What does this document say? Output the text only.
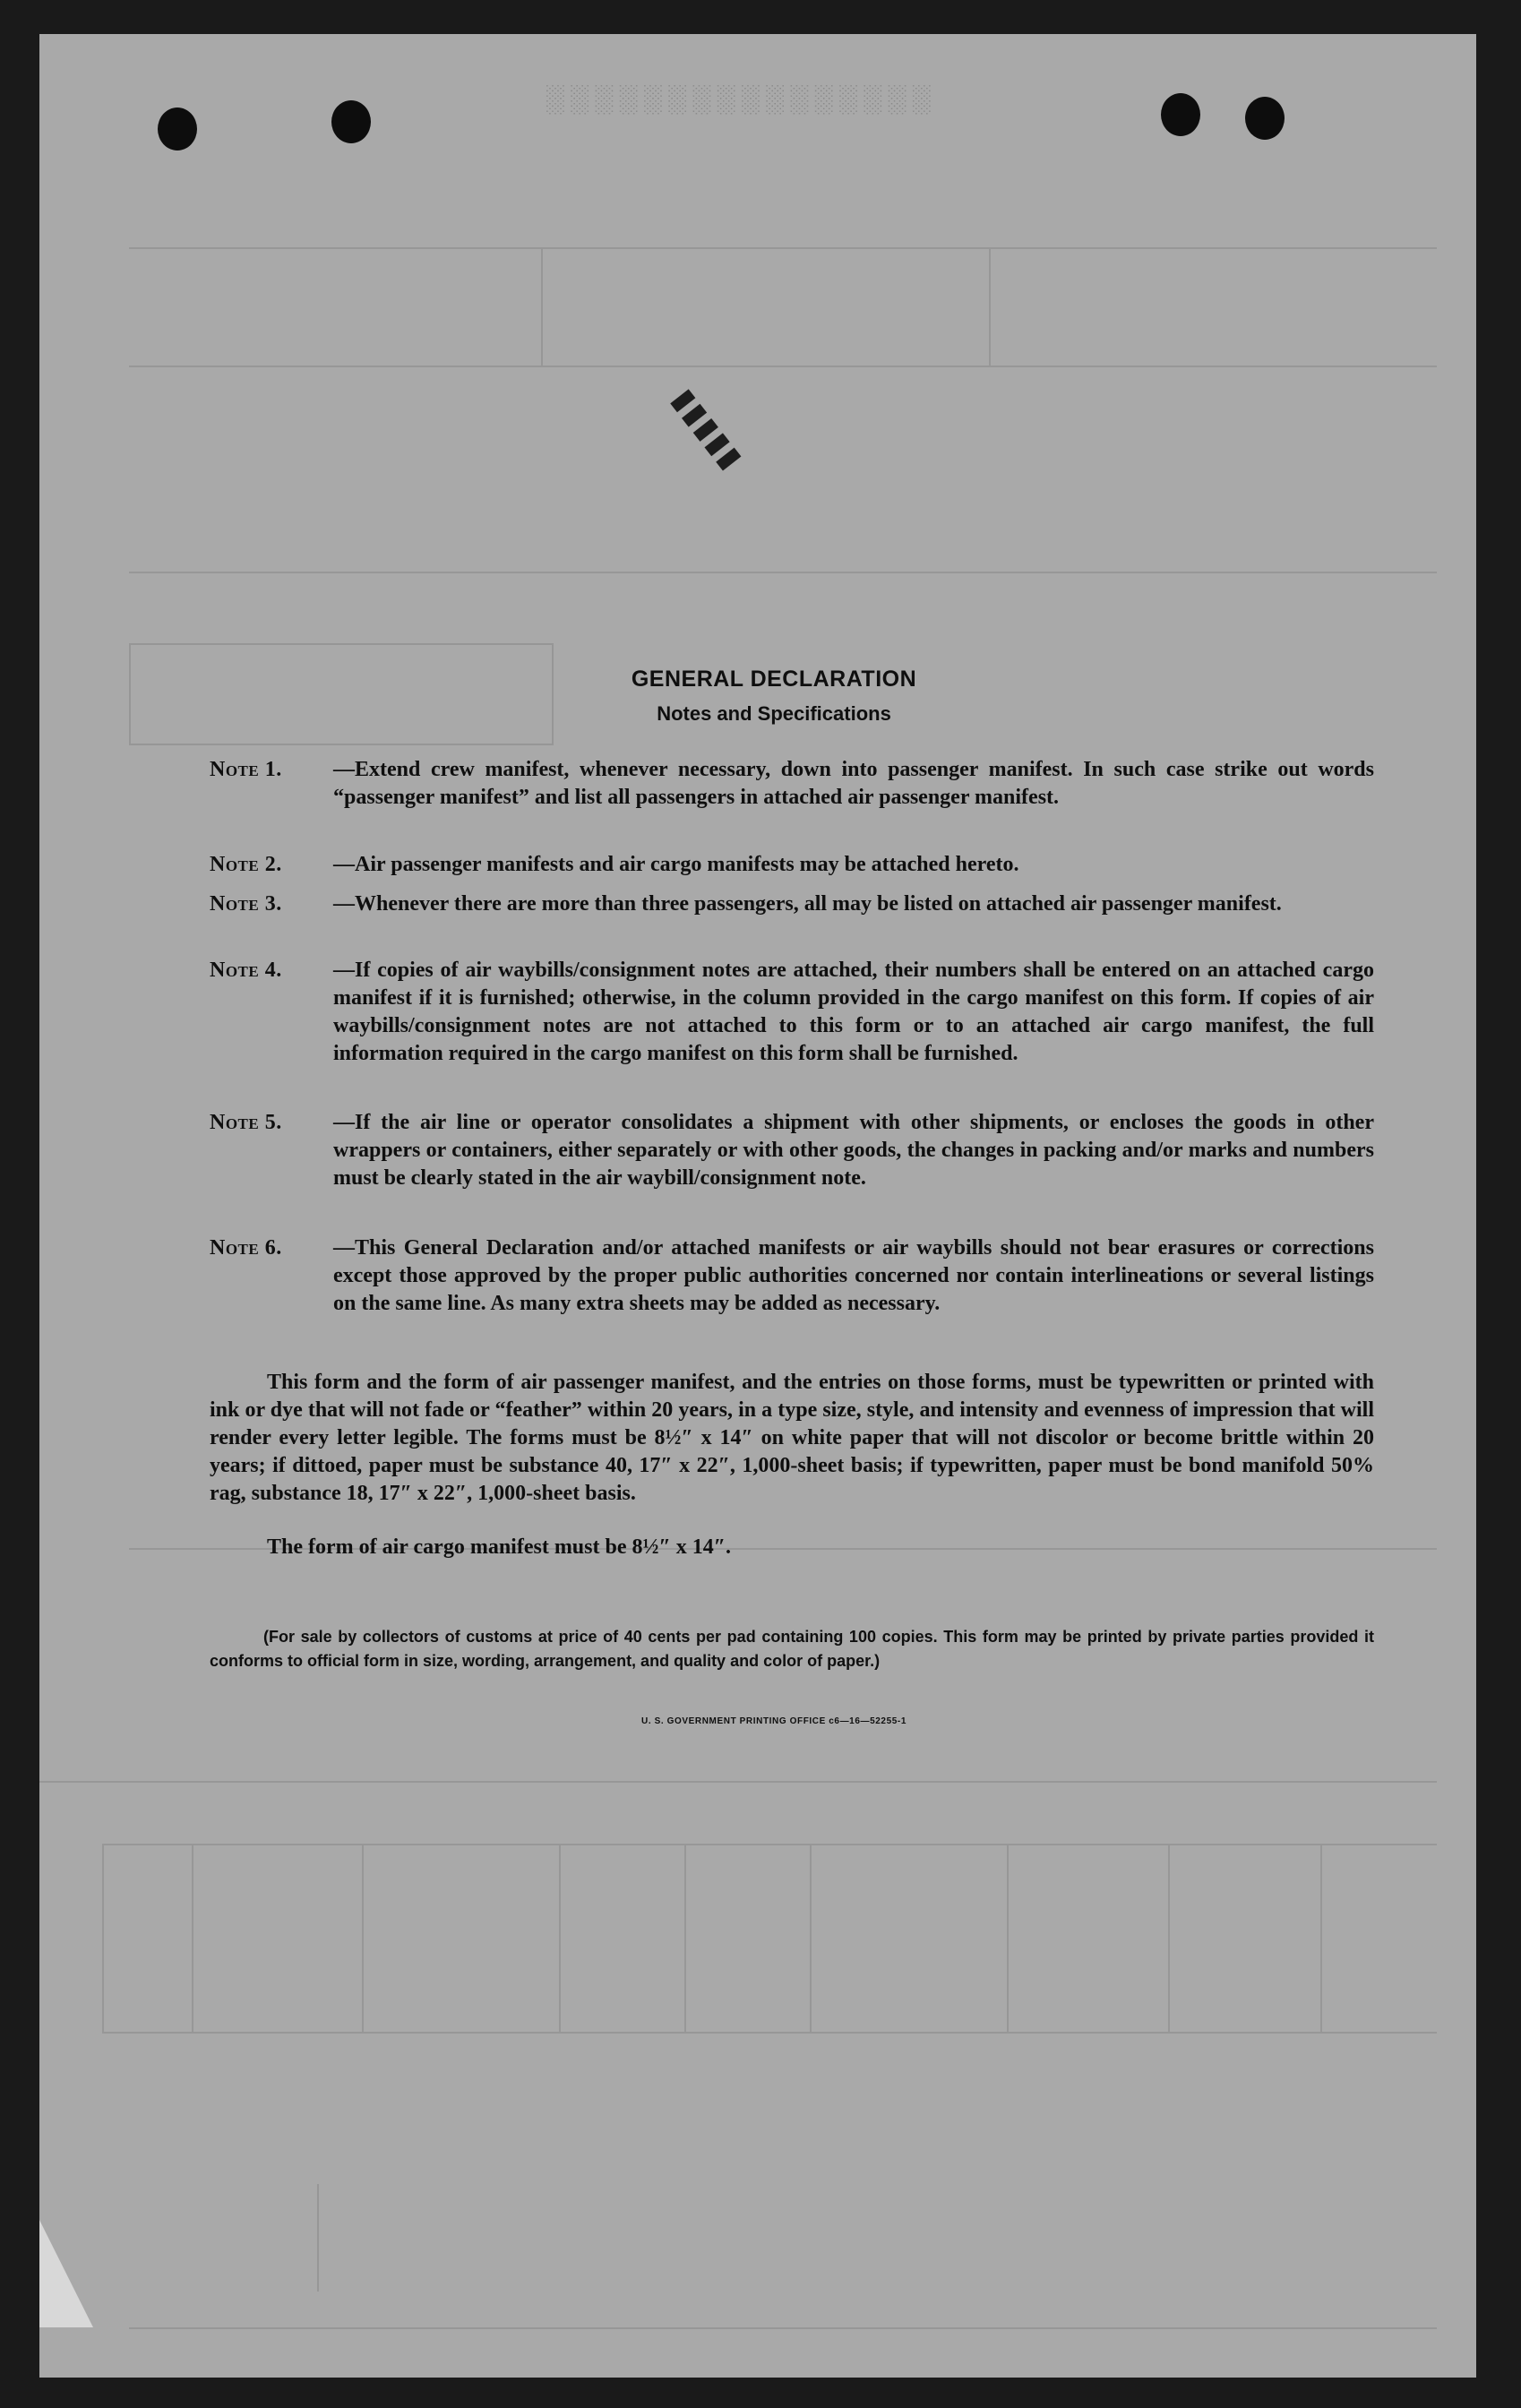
░░░░░░░░░░░░░░░░
▮▮▮▮▮
GENERAL DECLARATION
Notes and Specifications
Note 1.	—Extend crew manifest, whenever necessary, down into passenger manifest. In such case strike out words “passenger manifest” and list all passengers in attached air passenger manifest.
Note 2.	—Air passenger manifests and air cargo manifests may be attached hereto.
Note 3.	—Whenever there are more than three passengers, all may be listed on attached air passenger manifest.
Note 4.	—If copies of air waybills/consignment notes are attached, their numbers shall be entered on an attached cargo manifest if it is furnished; otherwise, in the column provided in the cargo manifest on this form. If copies of air waybills/consignment notes are not attached to this form or to an attached air cargo manifest, the full information required in the cargo manifest on this form shall be furnished.
Note 5.	—If the air line or operator consolidates a shipment with other shipments, or encloses the goods in other wrappers or containers, either separately or with other goods, the changes in packing and/or marks and numbers must be clearly stated in the air waybill/consignment note.
Note 6.	—This General Declaration and/or attached manifests or air waybills should not bear erasures or corrections except those approved by the proper public authorities concerned nor contain interlineations or several listings on the same line. As many extra sheets may be added as necessary.
This form and the form of air passenger manifest, and the entries on those forms, must be typewritten or printed with ink or dye that will not fade or “feather” within 20 years, in a type size, style, and intensity and evenness of impression that will render every letter legible. The forms must be 8½″ x 14″ on white paper that will not discolor or become brittle within 20 years; if dittoed, paper must be substance 40, 17″ x 22″, 1,000-sheet basis; if typewritten, paper must be bond manifold 50% rag, substance 18, 17″ x 22″, 1,000-sheet basis.
The form of air cargo manifest must be 8½″ x 14″.
(For sale by collectors of customs at price of 40 cents per pad containing 100 copies. This form may be printed by private parties provided it conforms to official form in size, wording, arrangement, and quality and color of paper.)
U. S. GOVERNMENT PRINTING OFFICE c6—16—52255-1
